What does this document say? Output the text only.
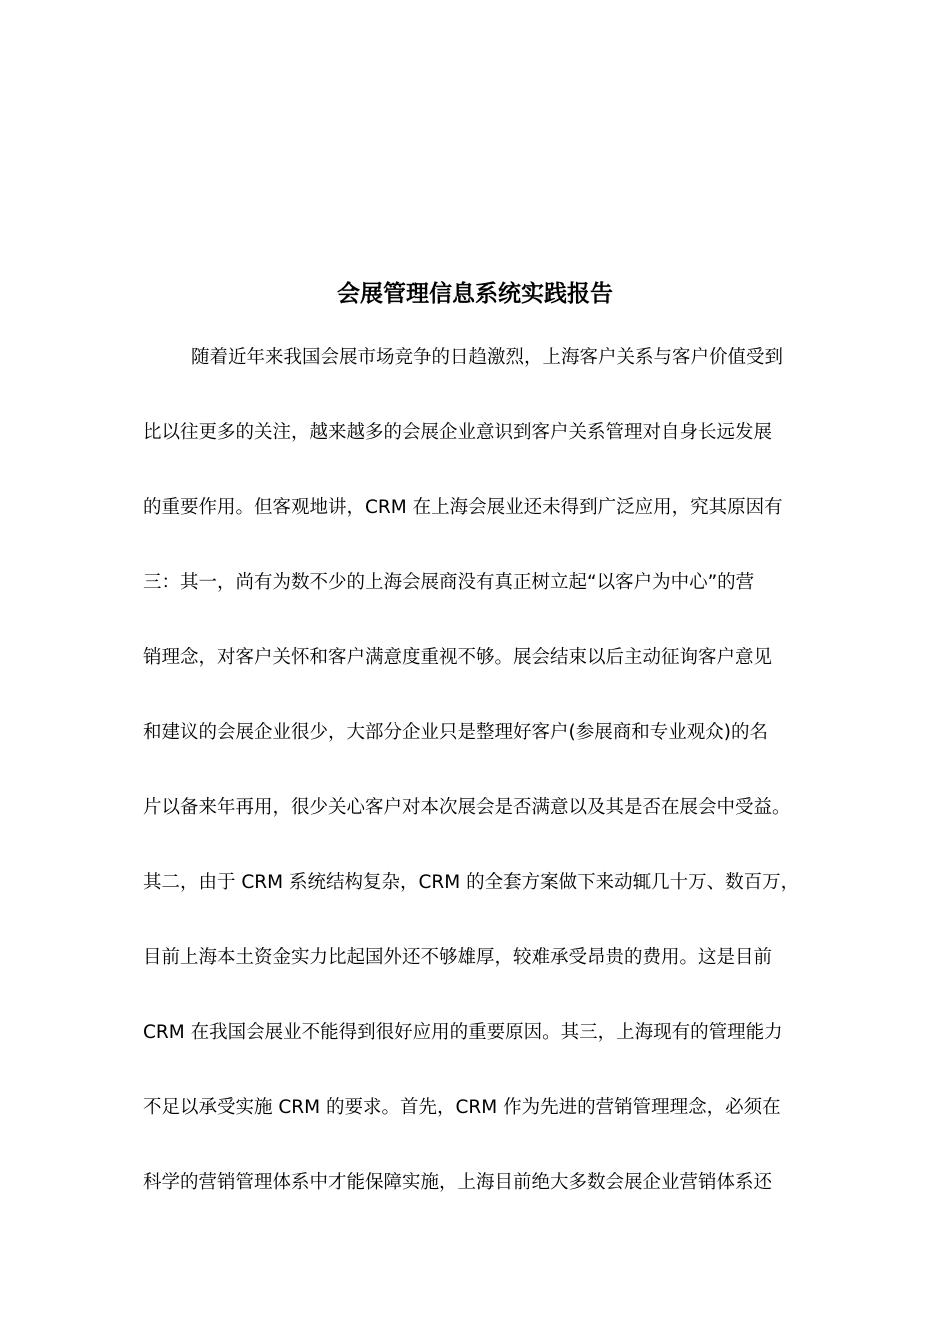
会展管理信息系统实践报告
随着近年来我国会展市场竞争的日趋激烈，上海客户关系与客户价值受到
比以往更多的关注，越来越多的会展企业意识到客户关系管理对自身长远发展
的重要作用。但客观地讲，CRM 在上海会展业还未得到广泛应用，究其原因有
三：其一，尚有为数不少的上海会展商没有真正树立起“以客户为中心”的营
销理念，对客户关怀和客户满意度重视不够。展会结束以后主动征询客户意见
和建议的会展企业很少，大部分企业只是整理好客户(参展商和专业观众)的名
片以备来年再用，很少关心客户对本次展会是否满意以及其是否在展会中受益。
其二，由于 CRM 系统结构复杂，CRM 的全套方案做下来动辄几十万、数百万，
目前上海本土资金实力比起国外还不够雄厚，较难承受昂贵的费用。这是目前
CRM 在我国会展业不能得到很好应用的重要原因。其三，上海现有的管理能力
不足以承受实施 CRM 的要求。首先，CRM 作为先进的营销管理理念，必须在
科学的营销管理体系中才能保障实施，上海目前绝大多数会展企业营销体系还
